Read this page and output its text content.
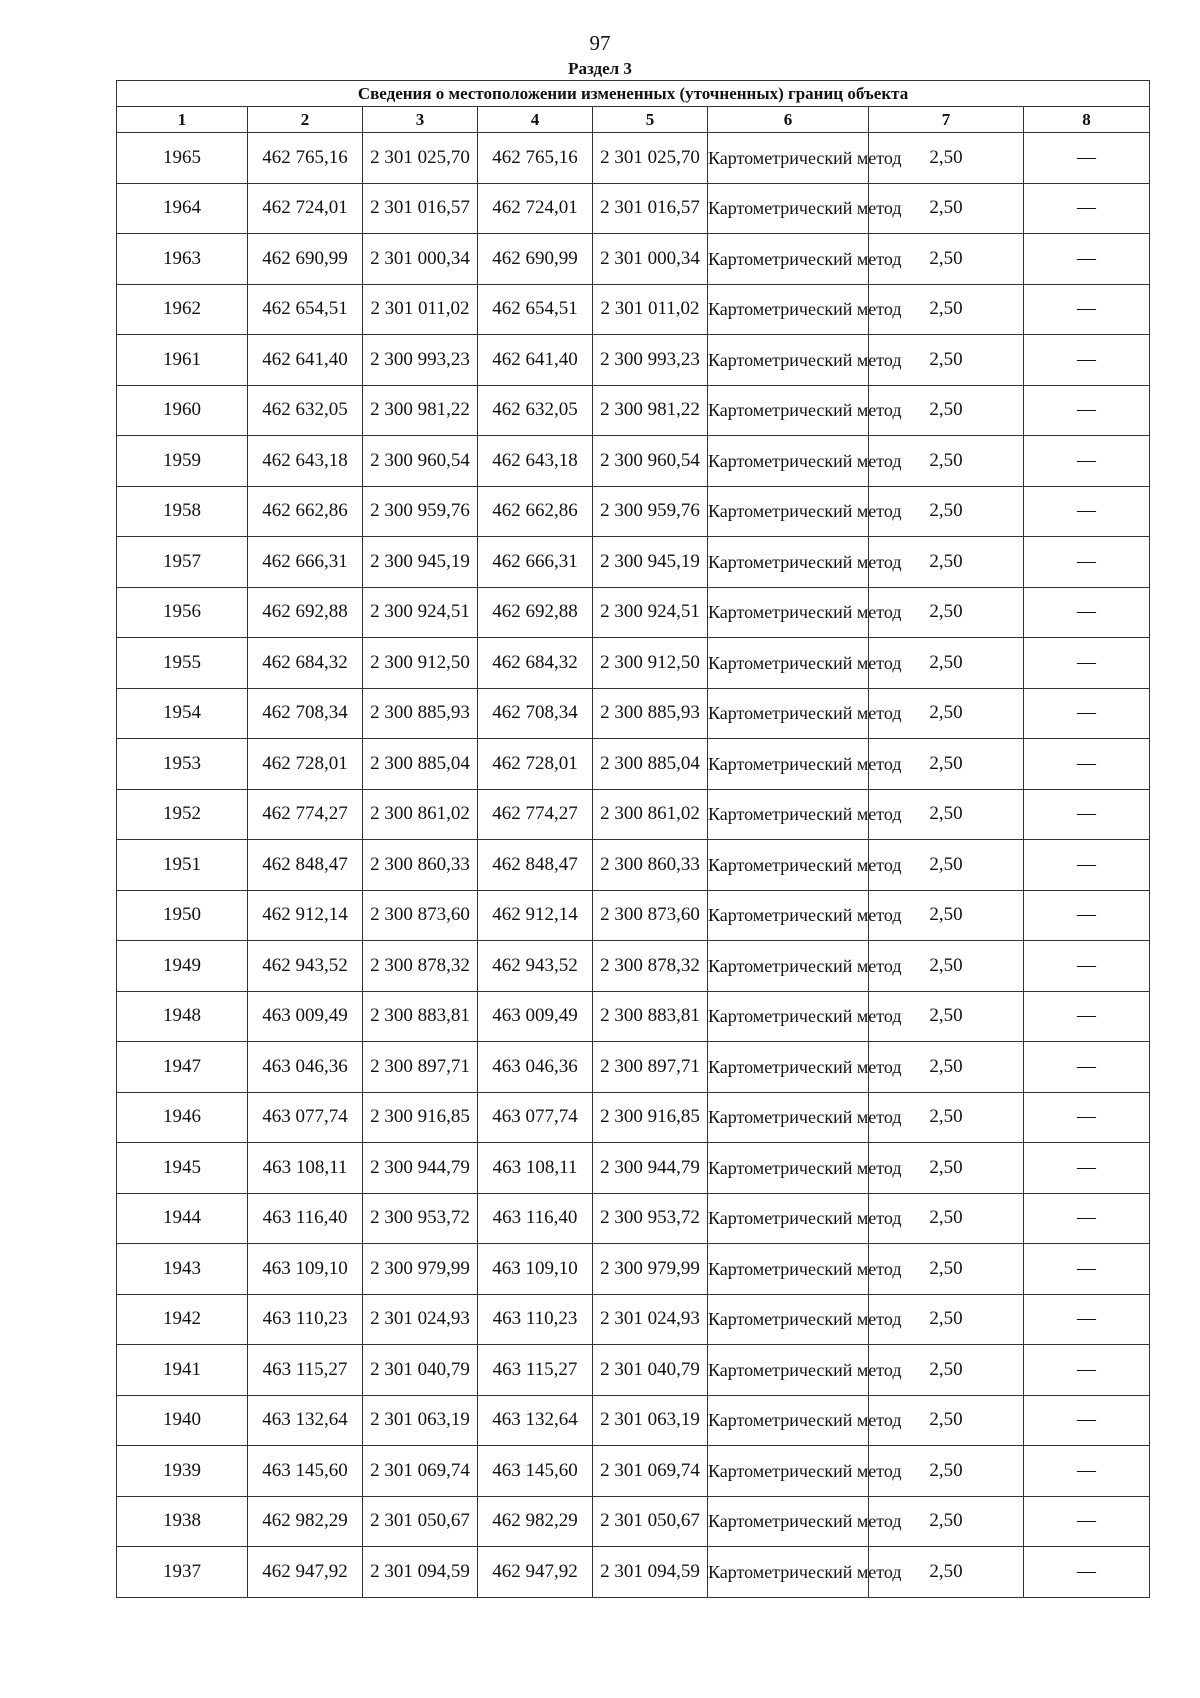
97
Раздел 3
Сведения о местоположении измененных (уточненных) границ объекта							
1	2	3	4	5	6	7	8
1965	462 765,16	2 301 025,70	462 765,16	2 301 025,70	Картометрический метод	2,50	—
1964	462 724,01	2 301 016,57	462 724,01	2 301 016,57	Картометрический метод	2,50	—
1963	462 690,99	2 301 000,34	462 690,99	2 301 000,34	Картометрический метод	2,50	—
1962	462 654,51	2 301 011,02	462 654,51	2 301 011,02	Картометрический метод	2,50	—
1961	462 641,40	2 300 993,23	462 641,40	2 300 993,23	Картометрический метод	2,50	—
1960	462 632,05	2 300 981,22	462 632,05	2 300 981,22	Картометрический метод	2,50	—
1959	462 643,18	2 300 960,54	462 643,18	2 300 960,54	Картометрический метод	2,50	—
1958	462 662,86	2 300 959,76	462 662,86	2 300 959,76	Картометрический метод	2,50	—
1957	462 666,31	2 300 945,19	462 666,31	2 300 945,19	Картометрический метод	2,50	—
1956	462 692,88	2 300 924,51	462 692,88	2 300 924,51	Картометрический метод	2,50	—
1955	462 684,32	2 300 912,50	462 684,32	2 300 912,50	Картометрический метод	2,50	—
1954	462 708,34	2 300 885,93	462 708,34	2 300 885,93	Картометрический метод	2,50	—
1953	462 728,01	2 300 885,04	462 728,01	2 300 885,04	Картометрический метод	2,50	—
1952	462 774,27	2 300 861,02	462 774,27	2 300 861,02	Картометрический метод	2,50	—
1951	462 848,47	2 300 860,33	462 848,47	2 300 860,33	Картометрический метод	2,50	—
1950	462 912,14	2 300 873,60	462 912,14	2 300 873,60	Картометрический метод	2,50	—
1949	462 943,52	2 300 878,32	462 943,52	2 300 878,32	Картометрический метод	2,50	—
1948	463 009,49	2 300 883,81	463 009,49	2 300 883,81	Картометрический метод	2,50	—
1947	463 046,36	2 300 897,71	463 046,36	2 300 897,71	Картометрический метод	2,50	—
1946	463 077,74	2 300 916,85	463 077,74	2 300 916,85	Картометрический метод	2,50	—
1945	463 108,11	2 300 944,79	463 108,11	2 300 944,79	Картометрический метод	2,50	—
1944	463 116,40	2 300 953,72	463 116,40	2 300 953,72	Картометрический метод	2,50	—
1943	463 109,10	2 300 979,99	463 109,10	2 300 979,99	Картометрический метод	2,50	—
1942	463 110,23	2 301 024,93	463 110,23	2 301 024,93	Картометрический метод	2,50	—
1941	463 115,27	2 301 040,79	463 115,27	2 301 040,79	Картометрический метод	2,50	—
1940	463 132,64	2 301 063,19	463 132,64	2 301 063,19	Картометрический метод	2,50	—
1939	463 145,60	2 301 069,74	463 145,60	2 301 069,74	Картометрический метод	2,50	—
1938	462 982,29	2 301 050,67	462 982,29	2 301 050,67	Картометрический метод	2,50	—
1937	462 947,92	2 301 094,59	462 947,92	2 301 094,59	Картометрический метод	2,50	—
